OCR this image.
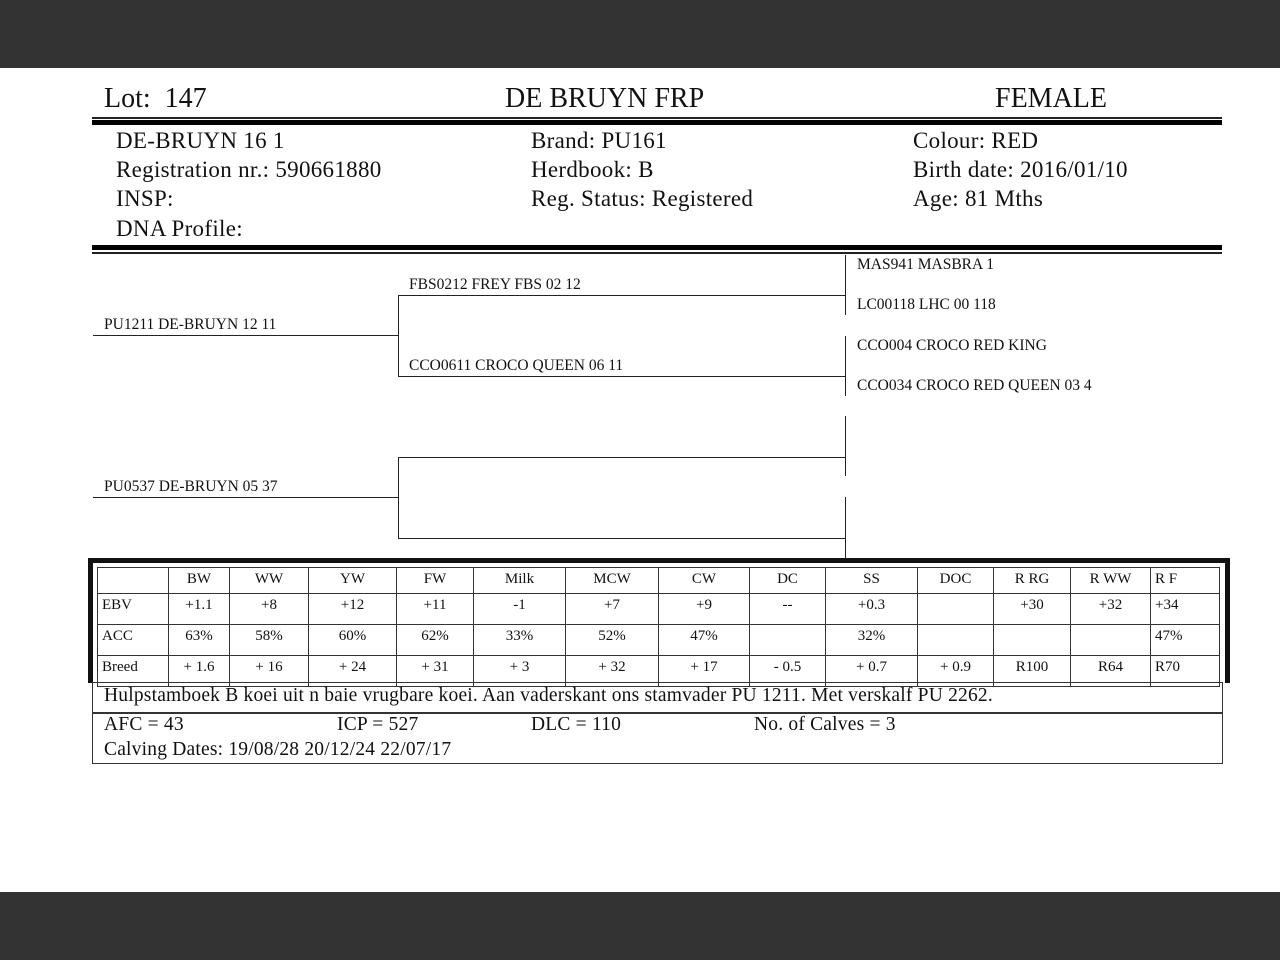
Lot: 147	DE BRUYN FRP	FEMALE
DE-BRUYN 16 1
Registration nr.: 590661880
INSP:
DNA Profile:
Brand: PU161
Herdbook: B
Reg. Status: Registered
Colour: RED
Birth date: 2016/01/10
Age: 81 Mths
PU1211 DE-BRUYN 12 11
FBS0212 FREY FBS 02 12
CCO0611 CROCO QUEEN 06 11
MAS941 MASBRA 1
LC00118 LHC 00 118
CCO004 CROCO RED KING
CCO034 CROCO RED QUEEN 03 4
PU0537 DE-BRUYN 05 37
	BW	WW	YW	FW	Milk	MCW	CW	DC	SS	DOC	R RG	R WW	R F
EBV	+1.1	+8	+12	+11	-1	+7	+9	--	+0.3		+30	+32	+34
ACC	63%	58%	60%	62%	33%	52%	47%		32%				47%
Breed	+ 1.6	+ 16	+ 24	+ 31	+ 3	+ 32	+ 17	- 0.5	+ 0.7	+ 0.9	R100	R64	R70
Hulpstamboek B koei uit n baie vrugbare koei. Aan vaderskant ons stamvader PU 1211. Met verskalf PU 2262.
AFC = 43	ICP = 527	DLC = 110	No. of Calves = 3
Calving Dates: 19/08/28 20/12/24 22/07/17
